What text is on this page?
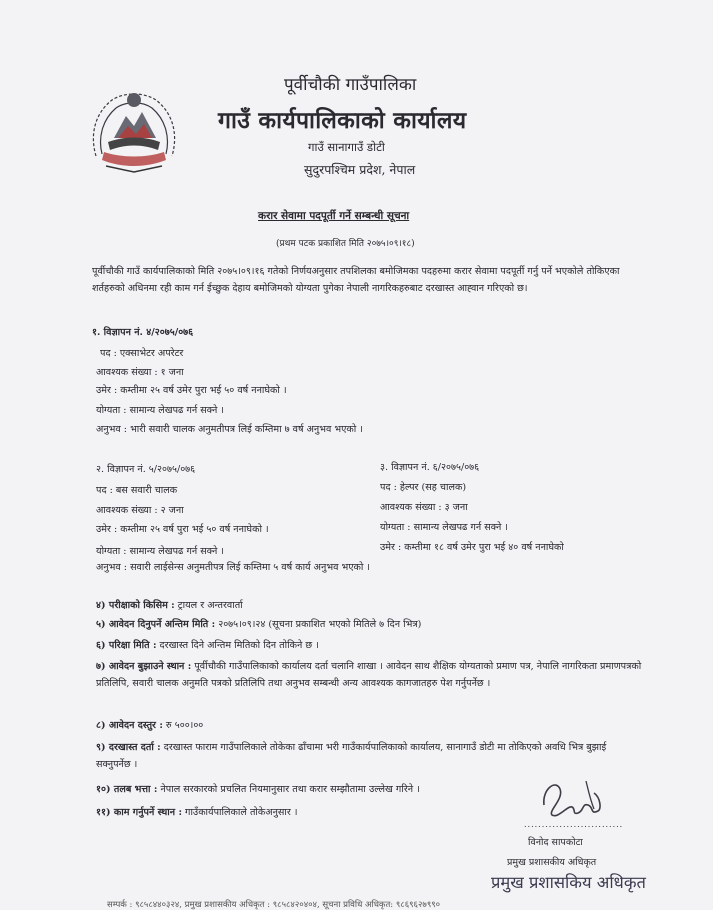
पूर्वीचौकी गाउँपालिका
गाउँ कार्यपालिकाको कार्यालय
गाउँ सानागाउँ डोटी
सुदुरपश्चिम प्रदेश, नेपाल
करार सेवामा पदपूर्ती गर्ने सम्बन्धी सूचना
(प्रथम पटक प्रकाशित मिति २०७५।०९।१८)
पूर्वीचौकी गाउँ कार्यपालिकाको मिति २०७५।०९।१६ गतेको निर्णयअनुसार तपशिलका बमोजिमका पदहरुमा करार सेवामा पदपूर्ती गर्नु पर्ने भएकोले तोकिएका शर्तहरुको अधिनमा रही काम गर्न ईच्छुक देहाय बमोजिमको योग्यता पुगेका नेपाली नागरिकहरुबाट दरखास्त आह्‍वान गरिएको छ।
१. विज्ञापन नं. ४/२०७५/०७६
पद : एक्साभेटर अपरेटर
आवश्यक संख्या : १ जना
उमेर : कम्तीमा २५ वर्ष उमेर पुरा भई ५० वर्ष ननाघेको ।
योग्यता : सामान्य लेखपढ गर्न सक्ने ।
अनुभव : भारी सवारी चालक अनुमतीपत्र लिई कम्तिमा ७ वर्ष अनुभव भएको ।
२. विज्ञापन नं. ५/२०७५/०७६
पद : बस सवारी चालक
आवश्यक संख्या : २ जना
उमेर : कम्तीमा २५ वर्ष पुरा भई ५० वर्ष ननाघेको ।
योग्यता : सामान्य लेखपढ गर्न सक्ने ।
अनुभव : सवारी लाईसेन्स अनुमतीपत्र लिई कम्तिमा ५ वर्ष कार्य अनुभव भएको ।
३. विज्ञापन नं. ६/२०७५/०७६
पद : हेल्पर (सह चालक)
आवश्यक संख्या : ३ जना
योग्यता : सामान्य लेखपढ गर्न सक्ने ।
उमेर : कम्तीमा १८ वर्ष उमेर पुरा भई ४० वर्ष ननाघेको
४) परीक्षाको किसिम : ट्रायल र अन्तरवार्ता
५) आवेदन दिनुपर्ने अन्तिम मिति : २०७५।०९।२४ (सूचना प्रकाशित भएको मितिले ७ दिन भित्र)
६) परिक्षा मिति : दरखास्त दिने अन्तिम मितिको दिन तोकिने छ ।
७) आवेदन बुझाउने स्थान : पूर्वीचौकी गाउँपालिकाको कार्यालय दर्ता चलानि शाखा । आवेदन साथ शैक्षिक योग्यताको प्रमाण पत्र, नेपालि नागरिकता प्रमाणपत्रको प्रतिलिपि, सवारी चालक अनुमति पत्रको प्रतिलिपि तथा अनुभव सम्बन्धी अन्य आवश्यक कागजातहरु पेश गर्नुपर्नेछ ।
८) आवेदन दस्तुर : रु ५००।००
९) दरखास्त दर्ता : दरखास्त फाराम गाउँपालिकाले तोकेका ढाँचामा भरी गाउँकार्यपालिकाको कार्यालय, सानागाउँ डोटी मा तोकिएको अवधि भित्र बुझाई सक्नुपर्नेछ ।
१०) तलब भत्ता : नेपाल सरकारको प्रचलित नियमानुसार तथा करार सम्झौतामा उल्लेख गरिने ।
११) काम गर्नुपर्ने स्थान : गाउँकार्यपालिकाले तोकेअनुसार ।
............................
विनोद सापकोटा
प्रमुख प्रशासकीय अधिकृत
प्रमुख प्रशासकिय अधिकृत
सम्पर्क : ९८५८४४०३२४, प्रमुख प्रशासकीय अधिकृत : ९८५८४२०४०४, सूचना प्रविधि अधिकृत: ९८६९६२७९९०
